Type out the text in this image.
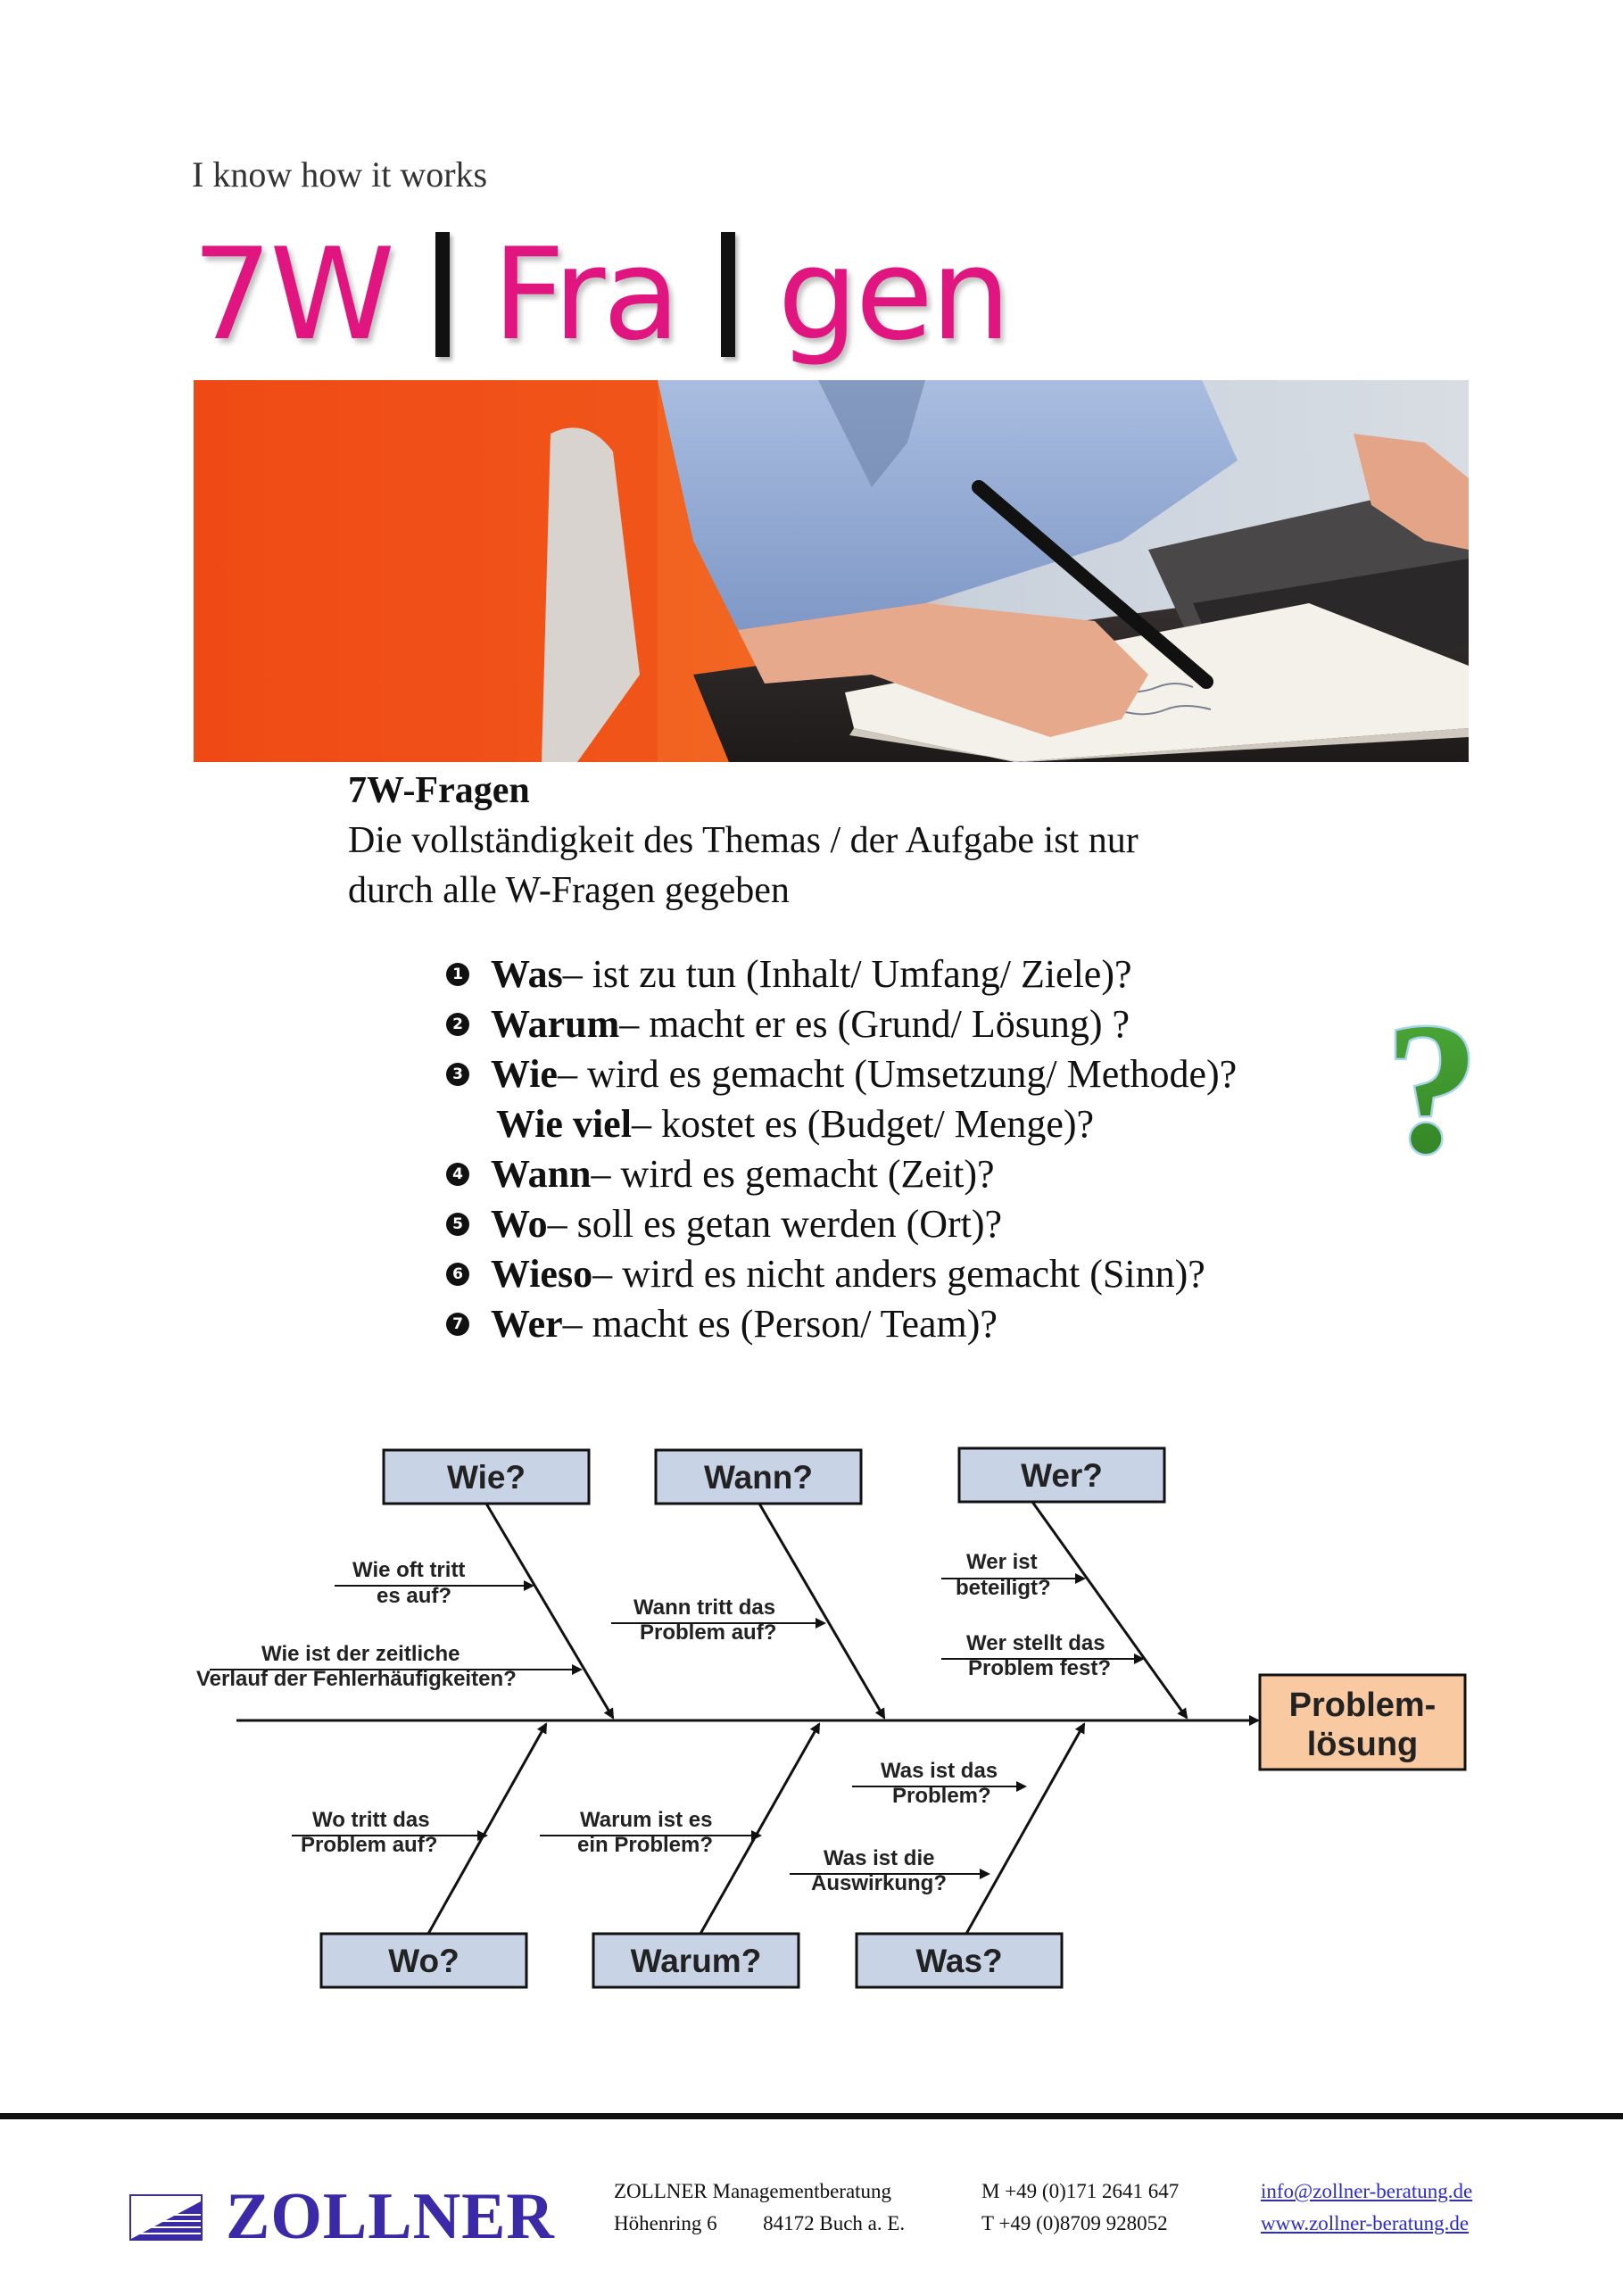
I know how it works
7W Fra gen
7W-Fragen
Die vollständigkeit des Themas / der Aufgabe ist nur
durch alle W-Fragen gegeben
1 Was – ist zu tun (Inhalt/ Umfang/ Ziele)?
2 Warum – macht er es (Grund/ Lösung) ?
3 Wie – wird es gemacht (Umsetzung/ Methode)?
Wie viel – kostet es (Budget/ Menge)?
4 Wann – wird es gemacht (Zeit)?
5 Wo – soll es getan werden (Ort)?
6 Wieso – wird es nicht anders gemacht (Sinn)?
7 Wer – macht es (Person/ Team)?
?
Wie?	Wann?	Wer?
Wo?	Warum?	Was?
Problem-
lösung
Wie oft tritt
es auf?
Wie ist der zeitliche
Verlauf der Fehlerhäufigkeiten?
Wann tritt das
Problem auf?
Wer ist
beteiligt?
Wer stellt das
Problem fest?
Wo tritt das
Problem auf?
Warum ist es
ein Problem?
Was ist das
Problem?
Was ist die
Auswirkung?
ZOLLNER	ZOLLNER Managementberatung
Höhenring 6 84172 Buch a. E.
M +49 (0)171 2641 647
T +49 (0)8709 928052
info@zollner-beratung.de
www.zollner-beratung.de
